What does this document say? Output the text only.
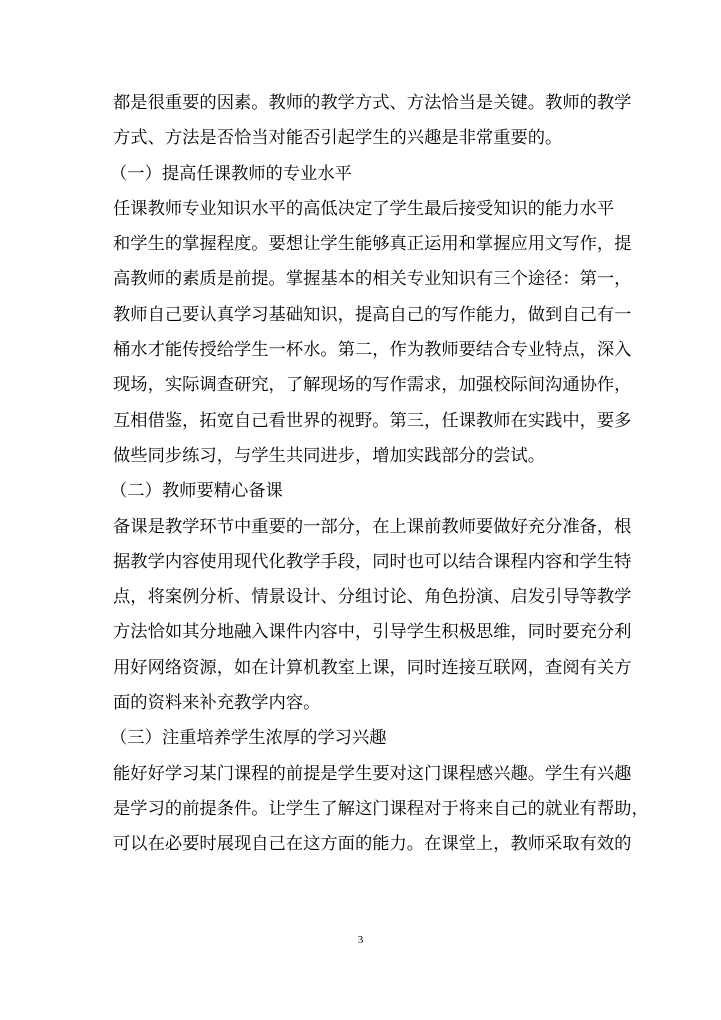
都是很重要的因素。教师的教学方式、方法恰当是关键。教师的教学
方式、方法是否恰当对能否引起学生的兴趣是非常重要的。
（一）提高任课教师的专业水平
任课教师专业知识水平的高低决定了学生最后接受知识的能力水平
和学生的掌握程度。要想让学生能够真正运用和掌握应用文写作，提
高教师的素质是前提。掌握基本的相关专业知识有三个途径：第一，
教师自己要认真学习基础知识，提高自己的写作能力，做到自己有一
桶水才能传授给学生一杯水。第二，作为教师要结合专业特点，深入
现场，实际调查研究，了解现场的写作需求，加强校际间沟通协作，
互相借鉴，拓宽自己看世界的视野。第三，任课教师在实践中，要多
做些同步练习，与学生共同进步，增加实践部分的尝试。
（二）教师要精心备课
备课是教学环节中重要的一部分，在上课前教师要做好充分准备，根
据教学内容使用现代化教学手段，同时也可以结合课程内容和学生特
点，将案例分析、情景设计、分组讨论、角色扮演、启发引导等教学
方法恰如其分地融入课件内容中，引导学生积极思维，同时要充分利
用好网络资源，如在计算机教室上课，同时连接互联网，查阅有关方
面的资料来补充教学内容。
（三）注重培养学生浓厚的学习兴趣
能好好学习某门课程的前提是学生要对这门课程感兴趣。学生有兴趣
是学习的前提条件。让学生了解这门课程对于将来自己的就业有帮助，
可以在必要时展现自己在这方面的能力。在课堂上，教师采取有效的
3
